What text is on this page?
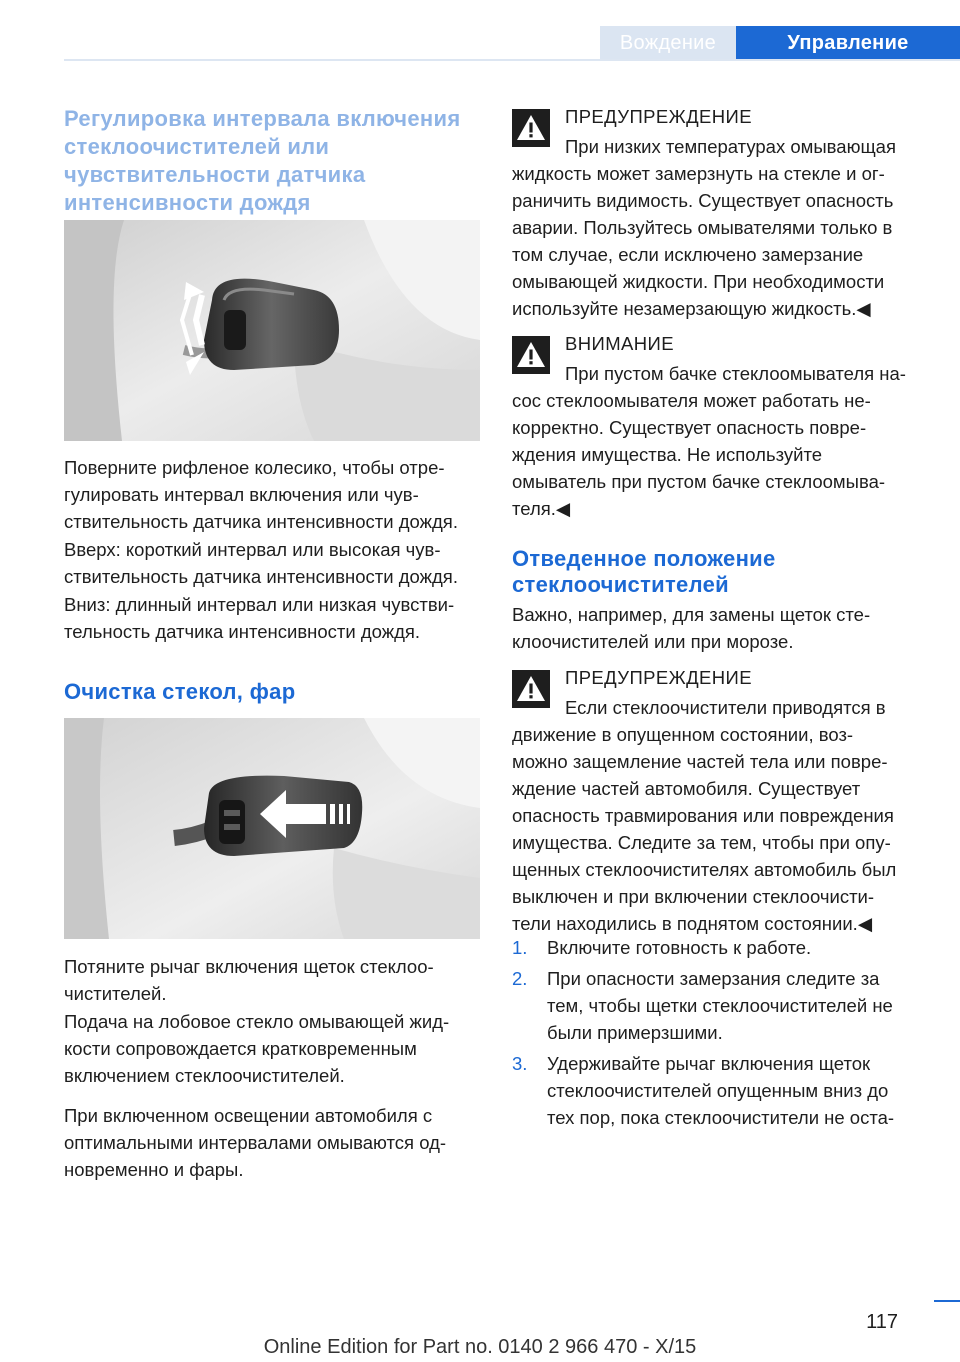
Вождение	Управление
Регулировка интервала включения
стеклоочистителей или
чувствительности датчика
интенсивности дождя
Поверните рифленое колесико, чтобы отре‐
гулировать интервал включения или чув‐
ствительность датчика интенсивности дождя.
Вверх: короткий интервал или высокая чув‐
ствительность датчика интенсивности дождя.
Вниз: длинный интервал или низкая чувстви‐
тельность датчика интенсивности дождя.
Очистка стекол, фар
Потяните рычаг включения щеток стеклоо‐
чистителей.
Подача на лобовое стекло омывающей жид‐
кости сопровождается кратковременным
включением стеклоочистителей.
При включенном освещении автомобиля с
оптимальными интервалами омываются од‐
новременно и фары.
ПРЕДУПРЕЖДЕНИЕ
При низких температурах омывающая
жидкость может замерзнуть на стекле и ог‐
раничить видимость. Существует опасность
аварии. Пользуйтесь омывателями только в
том случае, если исключено замерзание
омывающей жидкости. При необходимости
используйте незамерзающую жидкость.◀
ВНИМАНИЕ
При пустом бачке стеклоомывателя на‐
сос стеклоомывателя может работать не‐
корректно. Существует опасность повре‐
ждения имущества. Не используйте
омыватель при пустом бачке стеклоомыва‐
теля.◀
Отведенное положение
стеклоочистителей
Важно, например, для замены щеток сте‐
клоочистителей или при морозе.
ПРЕДУПРЕЖДЕНИЕ
Если стеклоочистители приводятся в
движение в опущенном состоянии, воз‐
можно защемление частей тела или повре‐
ждение частей автомобиля. Существует
опасность травмирования или повреждения
имущества. Следите за тем, чтобы при опу‐
щенных стеклоочистителях автомобиль был
выключен и при включении стеклоочисти‐
тели находились в поднятом состоянии.◀
1.	Включите готовность к работе.
2.	При опасности замерзания следите за
тем, чтобы щетки стеклоочистителей не
были примерзшими.
3.	Удерживайте рычаг включения щеток
стеклоочистителей опущенным вниз до
тех пор, пока стеклоочистители не оста‐
117
Online Edition for Part no. 0140 2 966 470 - X/15
